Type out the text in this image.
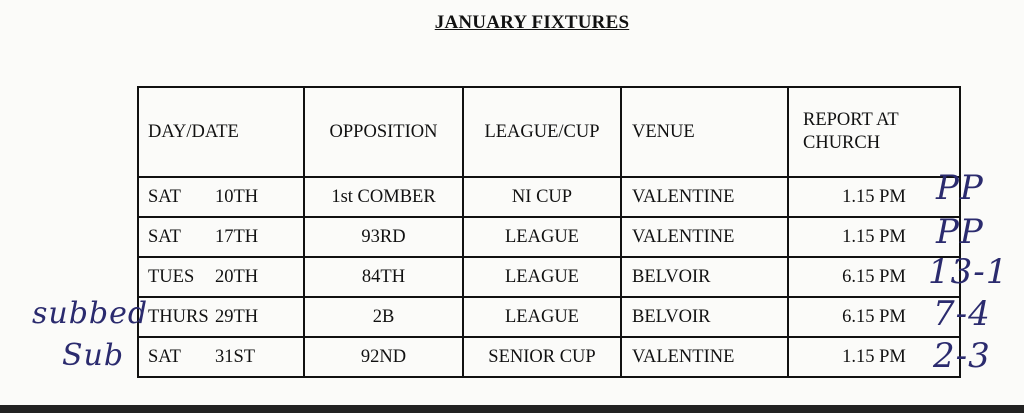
JANUARY FIXTURES
DAY/DATE	OPPOSITION	LEAGUE/CUP	VENUE	REPORT AT CHURCH
SAT 10TH	1st COMBER	NI CUP	VALENTINE	1.15 PM
SAT 17TH	93RD	LEAGUE	VALENTINE	1.15 PM
TUES 20TH	84TH	LEAGUE	BELVOIR	6.15 PM
THURS 29TH	2B	LEAGUE	BELVOIR	6.15 PM
SAT 31ST	92ND	SENIOR CUP	VALENTINE	1.15 PM
PP
PP
13-1
7-4
2-3
subbed
Sub
